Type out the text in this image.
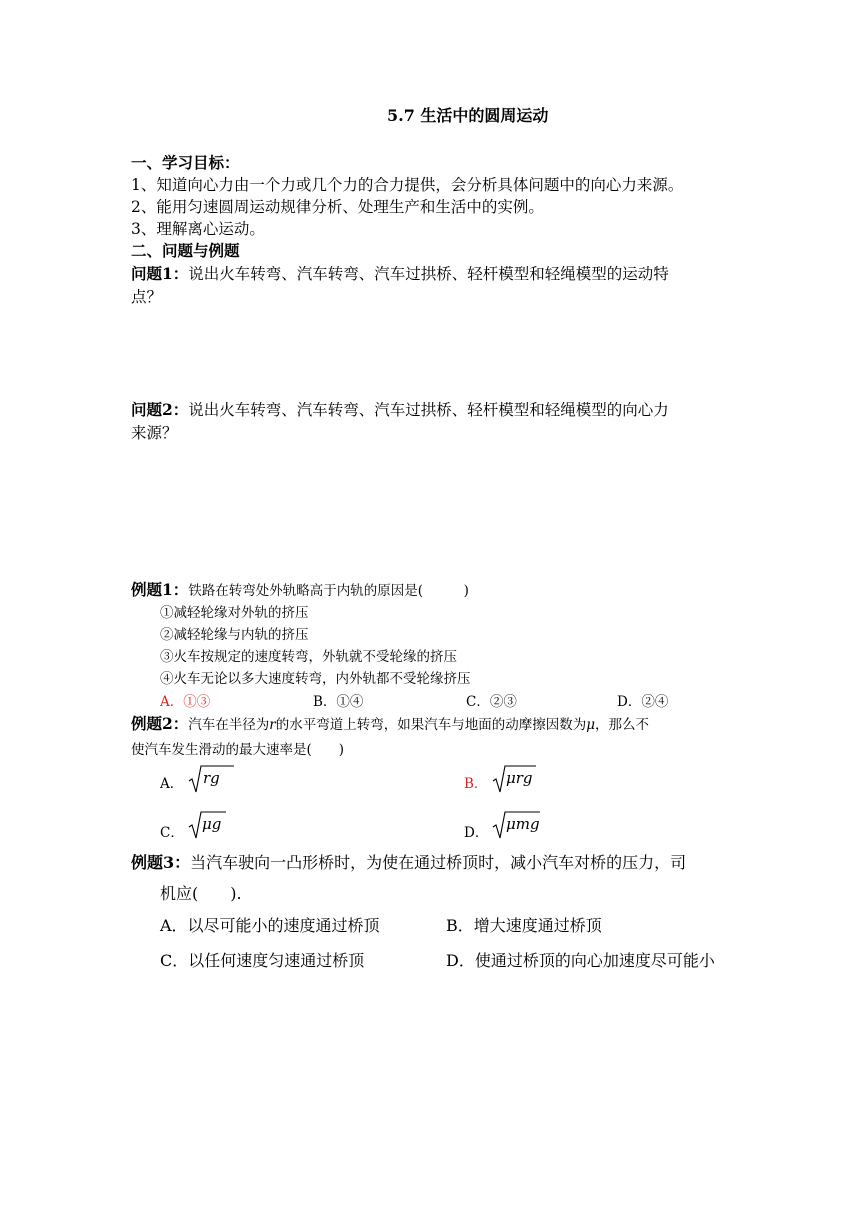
5.7 生活中的圆周运动
一、学习目标：
1、知道向心力由一个力或几个力的合力提供，会分析具体问题中的向心力来源。
2、能用匀速圆周运动规律分析、处理生产和生活中的实例。
3、理解离心运动。
二、问题与例题
问题1：说出火车转弯、汽车转弯、汽车过拱桥、轻杆模型和轻绳模型的运动特
点？
问题2：说出火车转弯、汽车转弯、汽车过拱桥、轻杆模型和轻绳模型的向心力
来源？
例题1：铁路在转弯处外轨略高于内轨的原因是(　　　)
①减轻轮缘对外轨的挤压
②减轻轮缘与内轨的挤压
③火车按规定的速度转弯，外轨就不受轮缘的挤压
④火车无论以多大速度转弯，内外轨都不受轮缘挤压
A．①③	B．①④	C．②③	D．②④
例题2：汽车在半径为r的水平弯道上转弯，如果汽车与地面的动摩擦因数为μ，那么不
使汽车发生滑动的最大速率是(　　)
A． rg	B． μrg
C． μg	D． μmg
例题3：当汽车驶向一凸形桥时，为使在通过桥顶时，减小汽车对桥的压力，司
机应(　　).
A．以尽可能小的速度通过桥顶	B．增大速度通过桥顶
C．以任何速度匀速通过桥顶	D．使通过桥顶的向心加速度尽可能小
